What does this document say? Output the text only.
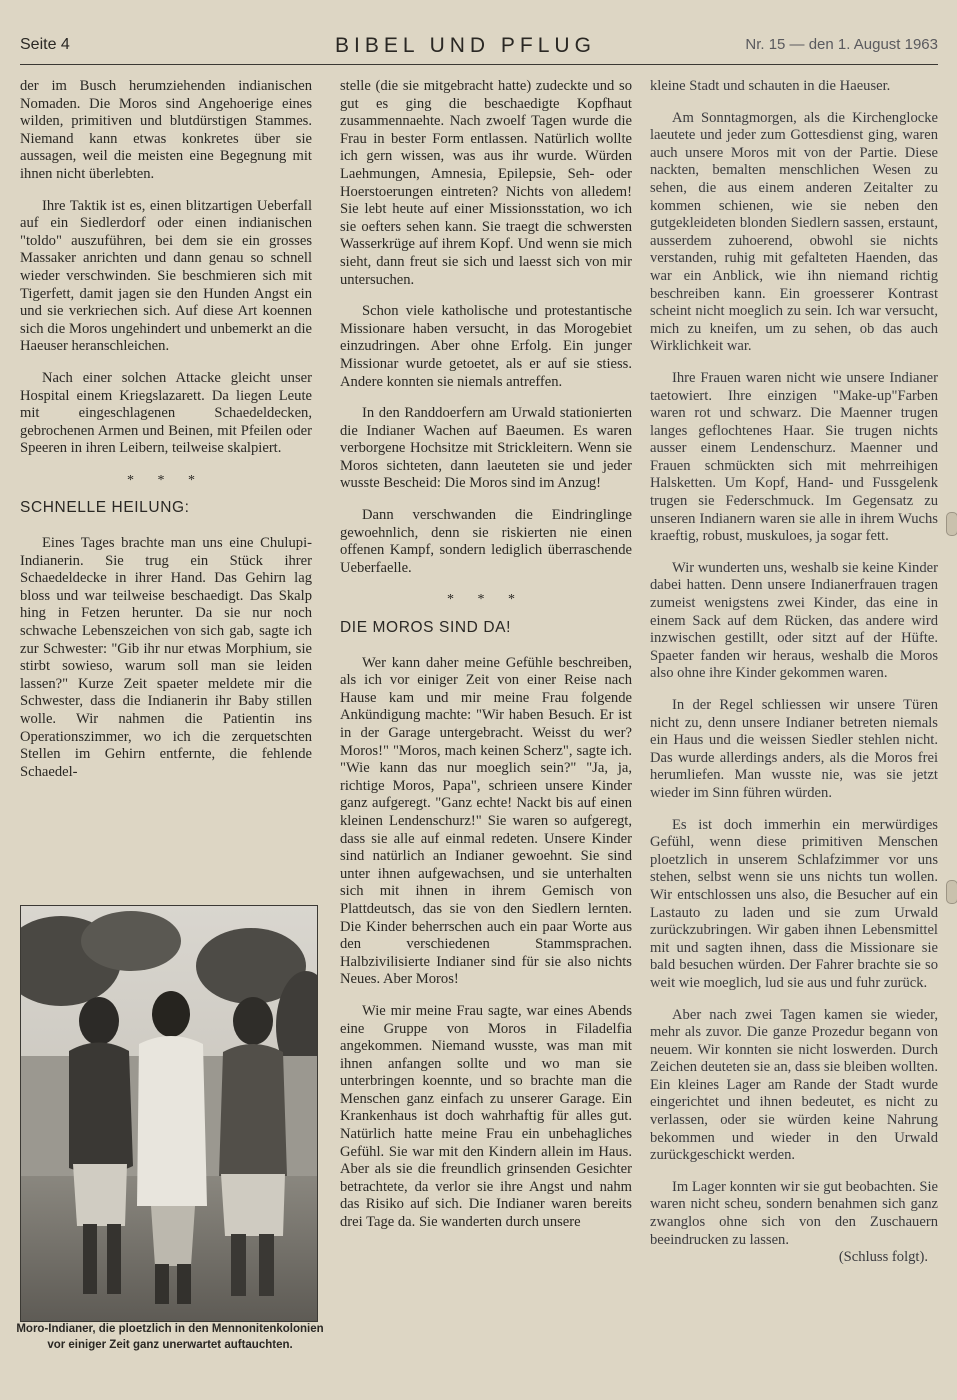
Seite 4	BIBEL UND PFLUG	Nr. 15 — den 1. August 1963

der im Busch herumziehenden indianischen Nomaden. Die Moros sind Angehoerige eines wilden, primitiven und blutdürstigen Stammes. Niemand kann etwas konkretes über sie aussagen, weil die meisten eine Begegnung mit ihnen nicht überlebten.

Ihre Taktik ist es, einen blitzartigen Ueberfall auf ein Siedlerdorf oder einen indianischen "toldo" auszuführen, bei dem sie ein grosses Massaker anrichten und dann genau so schnell wieder verschwinden. Sie beschmieren sich mit Tigerfett, damit jagen sie den Hunden Angst ein und sie verkriechen sich. Auf diese Art koennen sich die Moros ungehindert und unbemerkt an die Haeuser heranschleichen.

Nach einer solchen Attacke gleicht unser Hospital einem Kriegslazarett. Da liegen Leute mit eingeschlagenen Schaedeldecken, gebrochenen Armen und Beinen, mit Pfeilen oder Speeren in ihren Leibern, teilweise skalpiert.

* * *
SCHNELLE HEILUNG:

Eines Tages brachte man uns eine Chulupi-Indianerin. Sie trug ein Stück ihrer Schaedeldecke in ihrer Hand. Das Gehirn lag bloss und war teilweise beschaedigt. Das Skalp hing in Fetzen herunter. Da sie nur noch schwache Lebenszeichen von sich gab, sagte ich zur Schwester: "Gib ihr nur etwas Morphium, sie stirbt sowieso, warum soll man sie leiden lassen?" Kurze Zeit spaeter meldete mir die Schwester, dass die Indianerin ihr Baby stillen wolle. Wir nahmen die Patientin ins Operationszimmer, wo ich die zerquetschten Stellen im Gehirn entfernte, die fehlende Schaedel-

Moro-Indianer, die ploetzlich in den Mennonitenkolonien vor einiger Zeit ganz unerwartet auftauchten.

stelle (die sie mitgebracht hatte) zudeckte und so gut es ging die beschaedigte Kopfhaut zusammennaehte. Nach zwoelf Tagen wurde die Frau in bester Form entlassen. Natürlich wollte ich gern wissen, was aus ihr wurde. Würden Laehmungen, Amnesia, Epilepsie, Seh- oder Hoerstoerungen eintreten? Nichts von alledem! Sie lebt heute auf einer Missionsstation, wo ich sie oefters sehen kann. Sie traegt die schwersten Wasserkrüge auf ihrem Kopf. Und wenn sie mich sieht, dann freut sie sich und laesst sich von mir untersuchen.

Schon viele katholische und protestantische Missionare haben versucht, in das Morogebiet einzudringen. Aber ohne Erfolg. Ein junger Missionar wurde getoetet, als er auf sie stiess. Andere konnten sie niemals antreffen.

In den Randdoerfern am Urwald stationierten die Indianer Wachen auf Baeumen. Es waren verborgene Hochsitze mit Strickleitern. Wenn sie Moros sichteten, dann laeuteten sie und jeder wusste Bescheid: Die Moros sind im Anzug!

Dann verschwanden die Eindringlinge gewoehnlich, denn sie riskierten nie einen offenen Kampf, sondern lediglich überraschende Ueberfaelle.

* * *
DIE MOROS SIND DA!

Wer kann daher meine Gefühle beschreiben, als ich vor einiger Zeit von einer Reise nach Hause kam und mir meine Frau folgende Ankündigung machte: "Wir haben Besuch. Er ist in der Garage untergebracht. Weisst du wer? Moros!" "Moros, mach keinen Scherz", sagte ich. "Wie kann das nur moeglich sein?" "Ja, ja, richtige Moros, Papa", schrieen unsere Kinder ganz aufgeregt. "Ganz echte! Nackt bis auf einen kleinen Lendenschurz!" Sie waren so aufgeregt, dass sie alle auf einmal redeten. Unsere Kinder sind natürlich an Indianer gewoehnt. Sie sind unter ihnen aufgewachsen, und sie unterhalten sich mit ihnen in ihrem Gemisch von Plattdeutsch, das sie von den Siedlern lernten. Die Kinder beherrschen auch ein paar Worte aus den verschiedenen Stammsprachen. Halbzivilisierte Indianer sind für sie also nichts Neues. Aber Moros!

Wie mir meine Frau sagte, war eines Abends eine Gruppe von Moros in Filadelfia angekommen. Niemand wusste, was man mit ihnen anfangen sollte und wo man sie unterbringen koennte, und so brachte man die Menschen ganz einfach zu unserer Garage. Ein Krankenhaus ist doch wahrhaftig für alles gut. Natürlich hatte meine Frau ein unbehagliches Gefühl. Sie war mit den Kindern allein im Haus. Aber als sie die freundlich grinsenden Gesichter betrachtete, da verlor sie ihre Angst und nahm das Risiko auf sich. Die Indianer waren bereits drei Tage da. Sie wanderten durch unsere

kleine Stadt und schauten in die Haeuser.

Am Sonntagmorgen, als die Kirchenglocke laeutete und jeder zum Gottesdienst ging, waren auch unsere Moros mit von der Partie. Diese nackten, bemalten menschlichen Wesen zu sehen, die aus einem anderen Zeitalter zu kommen schienen, wie sie neben den gutgekleideten blonden Siedlern sassen, erstaunt, ausserdem zuhoerend, obwohl sie nichts verstanden, ruhig mit gefalteten Haenden, das war ein Anblick, wie ihn niemand richtig beschreiben kann. Ein groesserer Kontrast scheint nicht moeglich zu sein. Ich war versucht, mich zu kneifen, um zu sehen, ob das auch Wirklichkeit war.

Ihre Frauen waren nicht wie unsere Indianer taetowiert. Ihre einzigen "Make-up"Farben waren rot und schwarz. Die Maenner trugen langes geflochtenes Haar. Sie trugen nichts ausser einem Lendenschurz. Maenner und Frauen schmückten sich mit mehrreihigen Halsketten. Um Kopf, Hand- und Fussgelenk trugen sie Federschmuck. Im Gegensatz zu unseren Indianern waren sie alle in ihrem Wuchs kraeftig, robust, muskuloes, ja sogar fett.

Wir wunderten uns, weshalb sie keine Kinder dabei hatten. Denn unsere Indianerfrauen tragen zumeist wenigstens zwei Kinder, das eine in einem Sack auf dem Rücken, das andere wird inzwischen gestillt, oder sitzt auf der Hüfte. Spaeter fanden wir heraus, weshalb die Moros also ohne ihre Kinder gekommen waren.

In der Regel schliessen wir unsere Türen nicht zu, denn unsere Indianer betreten niemals ein Haus und die weissen Siedler stehlen nicht. Das wurde allerdings anders, als die Moros frei herumliefen. Man wusste nie, was sie jetzt wieder im Sinn führen würden.

Es ist doch immerhin ein merwürdiges Gefühl, wenn diese primitiven Menschen ploetzlich in unserem Schlafzimmer vor uns stehen, selbst wenn sie uns nichts tun wollen. Wir entschlossen uns also, die Besucher auf ein Lastauto zu laden und sie zum Urwald zurückzubringen. Wir gaben ihnen Lebensmittel mit und sagten ihnen, dass die Missionare sie bald besuchen würden. Der Fahrer brachte sie so weit wie moeglich, lud sie aus und fuhr zurück.

Aber nach zwei Tagen kamen sie wieder, mehr als zuvor. Die ganze Prozedur begann von neuem. Wir konnten sie nicht loswerden. Durch Zeichen deuteten sie an, dass sie bleiben wollten. Ein kleines Lager am Rande der Stadt wurde eingerichtet und ihnen bedeutet, es nicht zu verlassen, oder sie würden keine Nahrung bekommen und wieder in den Urwald zurückgeschickt werden.

Im Lager konnten wir sie gut beobachten. Sie waren nicht scheu, sondern benahmen sich ganz zwanglos ohne sich von den Zuschauern beeindrucken zu lassen.

(Schluss folgt).
